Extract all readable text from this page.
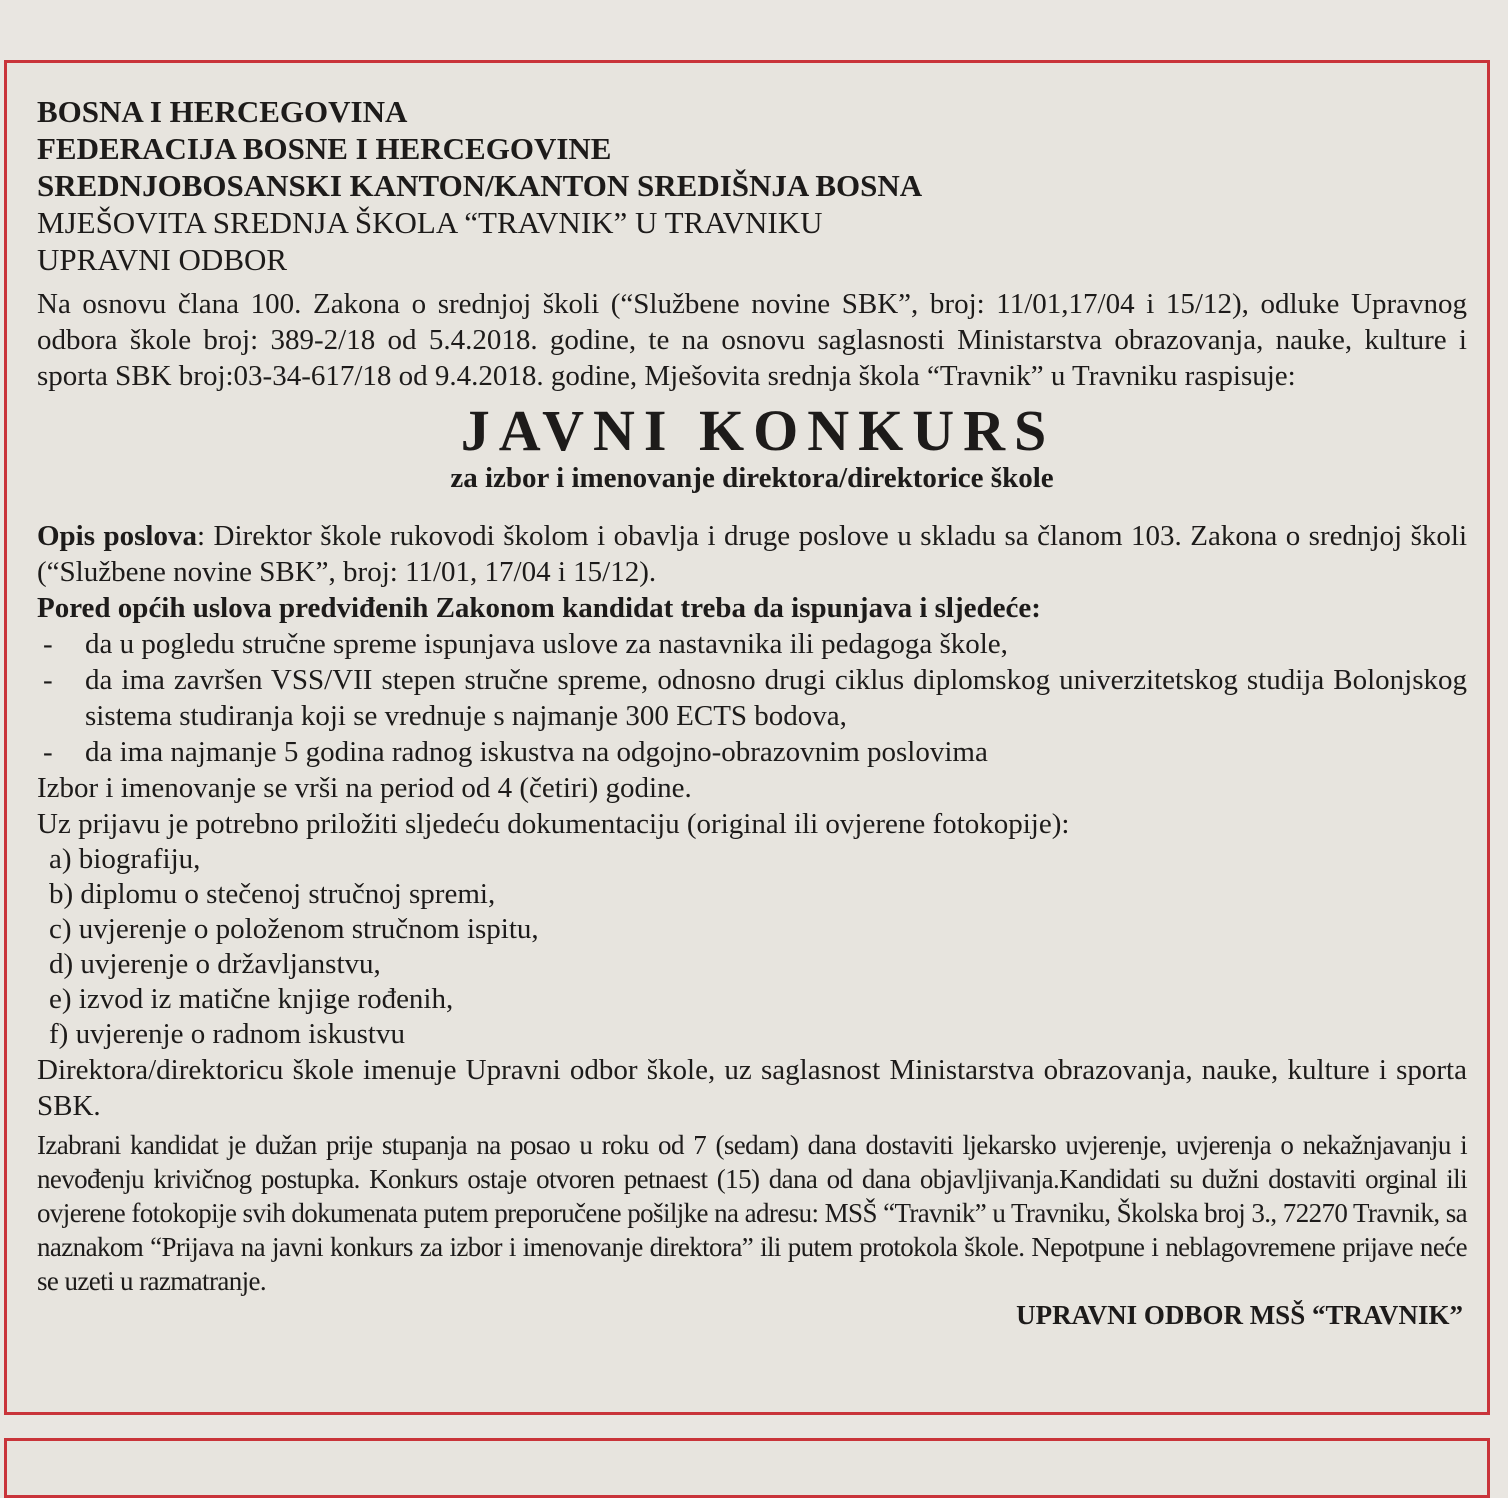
BOSNA I HERCEGOVINA

FEDERACIJA BOSNE I HERCEGOVINE

SREDNJOBOSANSKI KANTON/KANTON SREDIŠNJA BOSNA

MJEŠOVITA SREDNJA ŠKOLA “TRAVNIK” U TRAVNIKU

UPRAVNI ODBOR

Na osnovu člana 100. Zakona o srednjoj školi (“Službene novine SBK”, broj: 11/01,17/04 i 15/12), odluke Upravnog odbora škole broj: 389-2/18 od 5.4.2018. godine, te na osnovu saglasnosti Ministarstva obrazovanja, nauke, kulture i sporta SBK broj:03-34-617/18 od 9.4.2018. godine, Mješovita srednja škola “Travnik” u Travniku raspisuje:
JAVNI KONKURS
za izbor i imenovanje direktora/direktorice škole

Opis poslova: Direktor škole rukovodi školom i obavlja i druge poslove u skladu sa članom 103. Zakona o srednjoj školi (“Službene novine SBK”, broj: 11/01, 17/04 i 15/12).

Pored općih uslova predviđenih Zakonom kandidat treba da ispunjava i sljedeće:

-	da u pogledu stručne spreme ispunjava uslove za nastavnika ili pedagoga škole,
-	da ima završen VSS/VII stepen stručne spreme, odnosno drugi ciklus diplomskog univerzitetskog studija Bolonjskog sistema studiranja koji se vrednuje s najmanje 300 ECTS bodova,
-	da ima najmanje 5 godina radnog iskustva na odgojno-obrazovnim poslovima

Izbor i imenovanje se vrši na period od 4 (četiri) godine.

Uz prijavu je potrebno priložiti sljedeću dokumentaciju (original ili ovjerene fotokopije):

a) biografiju,
b) diplomu o stečenoj stručnoj spremi,
c) uvjerenje o položenom stručnom ispitu,
d) uvjerenje o državljanstvu,
e) izvod iz matične knjige rođenih,
f) uvjerenje o radnom iskustvu

Direktora/direktoricu škole imenuje Upravni odbor škole, uz saglasnost Ministarstva obrazovanja, nauke, kulture i sporta SBK.

Izabrani kandidat je dužan prije stupanja na posao u roku od 7 (sedam) dana dostaviti ljekarsko uvjerenje, uvjerenja o nekažnjavanju i nevođenju krivičnog postupka. Konkurs ostaje otvoren petnaest (15) dana od dana objavljivanja.Kandidati su dužni dostaviti orginal ili ovjerene fotokopije svih dokumenata putem preporučene pošiljke na adresu: MSŠ “Travnik” u Travniku, Školska broj 3., 72270 Travnik, sa naznakom “Prijava na javni konkurs za izbor i imenovanje direktora” ili putem protokola škole. Nepotpune i neblagovremene prijave neće se uzeti u razmatranje.
UPRAVNI ODBOR MSŠ “TRAVNIK”
